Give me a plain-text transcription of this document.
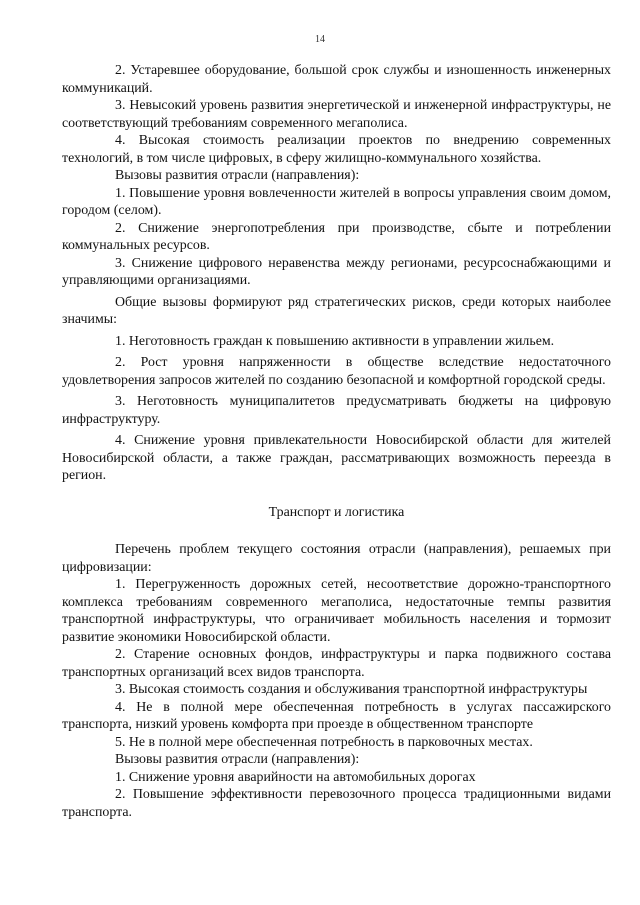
14

2. Устаревшее оборудование, большой срок службы и изношенность инженерных коммуникаций.

3. Невысокий уровень развития энергетической и инженерной инфраструктуры, не соответствующий требованиям современного мегаполиса.

4. Высокая стоимость реализации проектов по внедрению современных технологий, в том числе цифровых, в сферу жилищно-коммунального хозяйства.

Вызовы развития отрасли (направления):

1. Повышение уровня вовлеченности жителей в вопросы управления своим домом, городом (селом).

2. Снижение энергопотребления при производстве, сбыте и потреблении коммунальных ресурсов.

3. Снижение цифрового неравенства между регионами, ресурсоснабжающими и управляющими организациями.

Общие вызовы формируют ряд стратегических рисков, среди которых наиболее значимы:

1. Неготовность граждан к повышению активности в управлении жильем.

2. Рост уровня напряженности в обществе вследствие недостаточного удовлетворения запросов жителей по созданию безопасной и комфортной городской среды.

3. Неготовность муниципалитетов предусматривать бюджеты на цифровую инфраструктуру.

4. Снижение уровня привлекательности Новосибирской области для жителей Новосибирской области, а также граждан, рассматривающих возможность переезда в регион.

Транспорт и логистика

Перечень проблем текущего состояния отрасли (направления), решаемых при цифровизации:

1. Перегруженность дорожных сетей, несоответствие дорожно-транспортного комплекса требованиям современного мегаполиса, недостаточные темпы развития транспортной инфраструктуры, что ограничивает мобильность населения и тормозит развитие экономики Новосибирской области.

2. Старение основных фондов, инфраструктуры и парка подвижного состава транспортных организаций всех видов транспорта.

3. Высокая стоимость создания и обслуживания транспортной инфраструктуры

4. Не в полной мере обеспеченная потребность в услугах пассажирского транспорта, низкий уровень комфорта при проезде в общественном транспорте

5. Не в полной мере обеспеченная потребность в парковочных местах.

Вызовы развития отрасли (направления):

1. Снижение уровня аварийности на автомобильных дорогах

2. Повышение эффективности перевозочного процесса традиционными видами транспорта.
